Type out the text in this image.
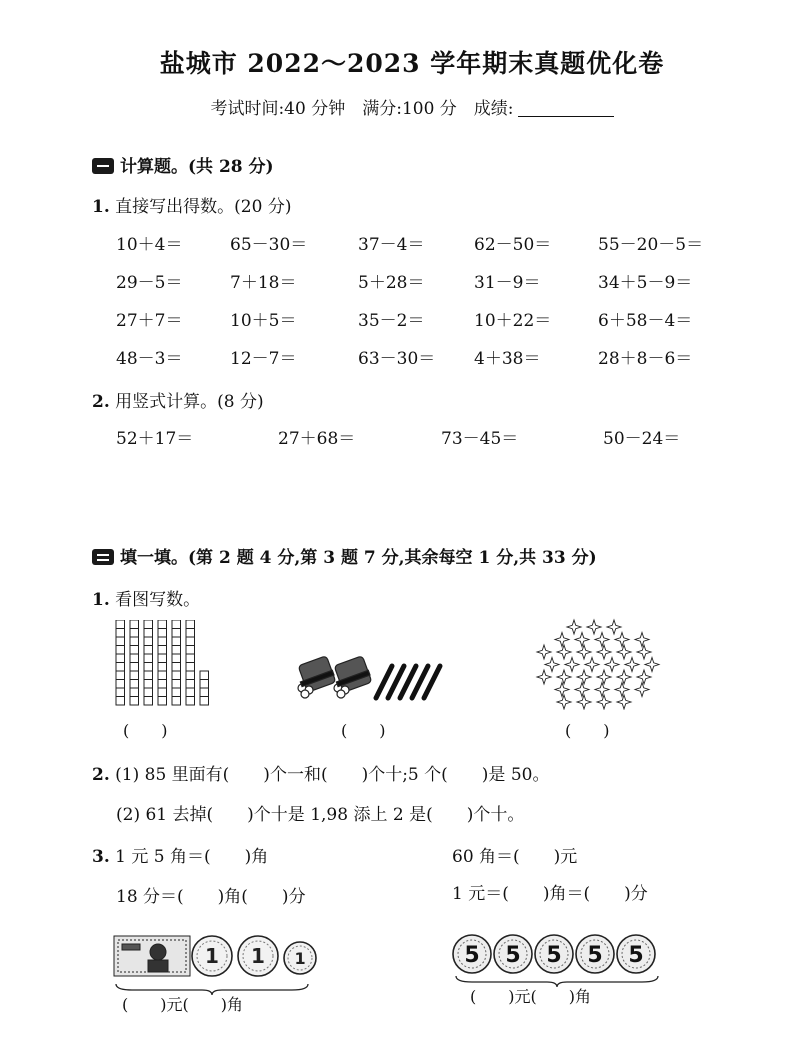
盐城市 2022～2023 学年期末真题优化卷
考试时间:40 分钟　满分:100 分　成绩:
计算题。(共 28 分)
1. 直接写出得数。(20 分)
10＋4＝	65－30＝	37－4＝	62－50＝	55－20－5＝
29－5＝	7＋18＝	5＋28＝	31－9＝	34＋5－9＝
27＋7＝	10＋5＝	35－2＝	10＋22＝	6＋58－4＝
48－3＝	12－7＝	63－30＝ 4＋38＝	28＋8－6＝
2. 用竖式计算。(8 分)
52＋17＝	27＋68＝	73－45＝	50－24＝
填一填。(第 2 题 4 分,第 3 题 7 分,其余每空 1 分,共 33 分)
1. 看图写数。
(　　)	(　　)	(　　)
2. (1) 85 里面有(　　)个一和(　　)个十;5 个(　　)是 50。
(2) 61 去掉(　　)个十是 1,98 添上 2 是(　　)个十。
3. 1 元 5 角＝(　　)角	60 角＝(　　)元
18 分＝(　　)角(　　)分	1 元＝(　　)角＝(　　)分
1 1 1
(　　)元(　　)角
5 5 5 5 5
(　　)元(　　)角
